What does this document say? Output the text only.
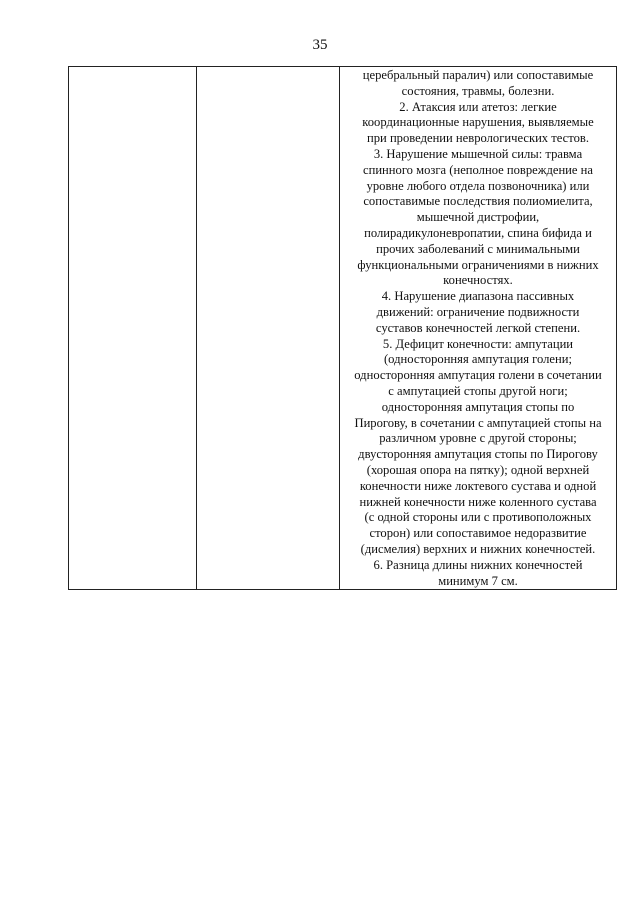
35

церебральный паралич) или сопоставимые
состояния, травмы, болезни.
2. Атаксия или атетоз: легкие
координационные нарушения, выявляемые
при проведении неврологических тестов.
3. Нарушение мышечной силы: травма
спинного мозга (неполное повреждение на
уровне любого отдела позвоночника) или
сопоставимые последствия полиомиелита,
мышечной дистрофии,
полирадикулоневропатии, спина бифида и
прочих заболеваний с минимальными
функциональными ограничениями в нижних
конечностях.
4. Нарушение диапазона пассивных
движений: ограничение подвижности
суставов конечностей легкой степени.
5. Дефицит конечности: ампутации
(односторонняя ампутация голени;
односторонняя ампутация голени в сочетании
с ампутацией стопы другой ноги;
односторонняя ампутация стопы по
Пирогову, в сочетании с ампутацией стопы на
различном уровне с другой стороны;
двусторонняя ампутация стопы по Пирогову
(хорошая опора на пятку); одной верхней
конечности ниже локтевого сустава и одной
нижней конечности ниже коленного сустава
(с одной стороны или с противоположных
сторон) или сопоставимое недоразвитие
(дисмелия) верхних и нижних конечностей.
6. Разница длины нижних конечностей
минимум 7 см.
